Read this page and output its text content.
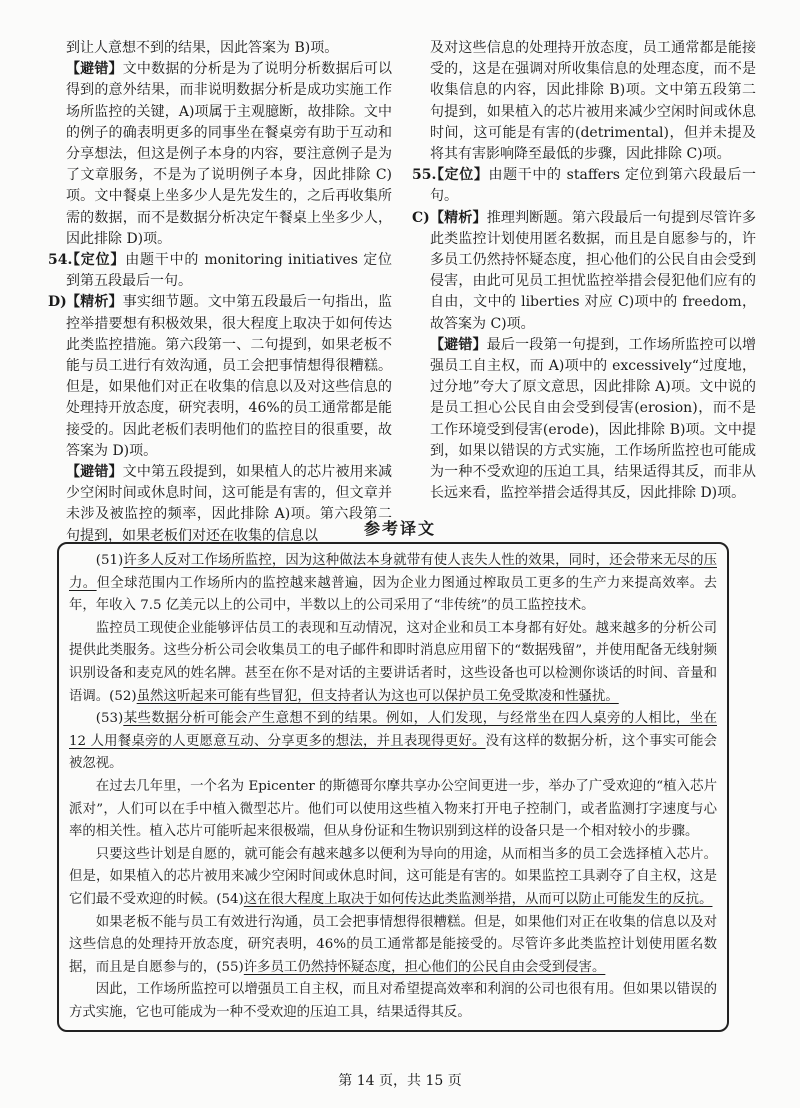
到让人意想不到的结果，因此答案为 B)项。

【避错】文中数据的分析是为了说明分析数据后可以得到的意外结果，而非说明数据分析是成功实施工作场所监控的关键，A)项属于主观臆断，故排除。文中的例子的确表明更多的同事坐在餐桌旁有助于互动和分享想法，但这是例子本身的内容，要注意例子是为了文章服务，不是为了说明例子本身，因此排除 C)项。文中餐桌上坐多少人是先发生的，之后再收集所需的数据，而不是数据分析决定午餐桌上坐多少人，因此排除 D)项。

54.
【定位】由题干中的 monitoring initiatives 定位到第五段最后一句。
D) 【精析】事实细节题。文中第五段最后一句指出，监控举措要想有积极效果，很大程度上取决于如何传达此类监控措施。第六段第一、二句提到，如果老板不能与员工进行有效沟通，员工会把事情想得很糟糕。但是，如果他们对正在收集的信息以及对这些信息的处理持开放态度，研究表明，46%的员工通常都是能接受的。因此老板们表明他们的监控目的很重要，故答案为 D)项。

【避错】文中第五段提到，如果植人的芯片被用来减少空闲时间或休息时间，这可能是有害的，但文章并未涉及被监控的频率，因此排除 A)项。第六段第二句提到，如果老板们对还在收集的信息以

及对这些信息的处理持开放态度，员工通常都是能接受的，这是在强调对所收集信息的处理态度，而不是收集信息的内容，因此排除 B)项。文中第五段第二句提到，如果植入的芯片被用来减少空闲时间或休息时间，这可能是有害的(detrimental)，但并未提及将其有害影响降至最低的步骤，因此排除 C)项。

55.
【定位】由题干中的 staffers 定位到第六段最后一句。
C) 【精析】推理判断题。第六段最后一句提到尽管许多此类监控计划使用匿名数据，而且是自愿参与的，许多员工仍然持怀疑态度，担心他们的公民自由会受到侵害，由此可见员工担忧监控举措会侵犯他们应有的自由，文中的 liberties 对应 C)项中的 freedom，故答案为 C)项。

【避错】最后一段第一句提到，工作场所监控可以增强员工自主权，而 A)项中的 excessively“过度地，过分地”夸大了原文意思，因此排除 A)项。文中说的是员工担心公民自由会受到侵害(erosion)，而不是工作环境受到侵害(erode)，因此排除 B)项。文中提到，如果以错误的方式实施，工作场所监控也可能成为一种不受欢迎的压迫工具，结果适得其反，而非从长远来看，监控举措会适得其反，因此排除 D)项。

参考译文

(51)许多人反对工作场所监控，因为这种做法本身就带有使人丧失人性的效果，同时，还会带来无尽的压力。但全球范围内工作场所内的监控越来越普遍，因为企业力图通过榨取员工更多的生产力来提高效率。去年，年收入 7.5 亿美元以上的公司中，半数以上的公司采用了“非传统”的员工监控技术。

监控员工现使企业能够评估员工的表现和互动情况，这对企业和员工本身都有好处。越来越多的分析公司提供此类服务。这些分析公司会收集员工的电子邮件和即时消息应用留下的“数据残留”，并使用配备无线射频识别设备和麦克风的姓名牌。甚至在你不是对话的主要讲话者时，这些设备也可以检测你谈话的时间、音量和语调。(52)虽然这听起来可能有些冒犯，但支持者认为这也可以保护员工免受欺凌和性骚扰。

(53)某些数据分析可能会产生意想不到的结果。例如，人们发现，与经常坐在四人桌旁的人相比，坐在 12 人用餐桌旁的人更愿意互动、分享更多的想法，并且表现得更好。没有这样的数据分析，这个事实可能会被忽视。

在过去几年里，一个名为 Epicenter 的斯德哥尔摩共享办公空间更进一步，举办了广受欢迎的“植入芯片派对”，人们可以在手中植入微型芯片。他们可以使用这些植入物来打开电子控制门，或者监测打字速度与心率的相关性。植入芯片可能听起来很极端，但从身份证和生物识别到这样的设备只是一个相对较小的步骤。

只要这些计划是自愿的，就可能会有越来越多以便利为导向的用途，从而相当多的员工会选择植入芯片。但是，如果植入的芯片被用来减少空闲时间或休息时间，这可能是有害的。如果监控工具剥夺了自主权，这是它们最不受欢迎的时候。(54)这在很大程度上取决于如何传达此类监测举措，从而可以防止可能发生的反抗。

如果老板不能与员工有效进行沟通，员工会把事情想得很糟糕。但是，如果他们对正在收集的信息以及对这些信息的处理持开放态度，研究表明，46%的员工通常都是能接受的。尽管许多此类监控计划使用匿名数据，而且是自愿参与的，(55)许多员工仍然持怀疑态度，担心他们的公民自由会受到侵害。

因此，工作场所监控可以增强员工自主权，而且对希望提高效率和利润的公司也很有用。但如果以错误的方式实施，它也可能成为一种不受欢迎的压迫工具，结果适得其反。

第 14 页，共 15 页
